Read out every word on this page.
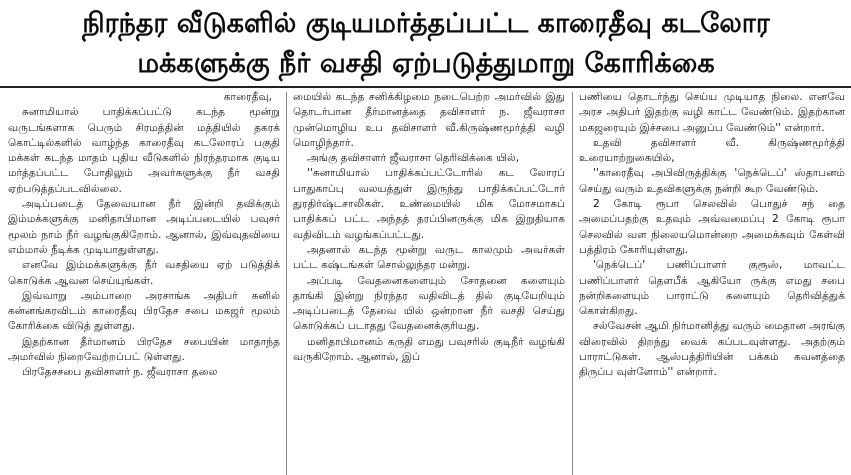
நிரந்தர வீடுகளில் குடியமர்த்தப்பட்ட காரைதீவு கடலோர
மக்களுக்கு நீர் வசதி ஏற்படுத்துமாறு கோரிக்கை

காரைதீவு,

சுனாமியால் பாதிக்கப்பட்டு கடந்த மூன்று வருடங்களாக பெரும் சிரமத்தின் மத்தியில் தகரக் கொட்டில்களில் வாழ்ந்த காரைதீவு கடலோரப் பகுதி மக்கள் கடந்த மாதம் புதிய வீடுகளில் நிரந்தரமாக குடிய மர்த்தப்பட்ட போதிலும் அவர்களுக்கு நீர் வசதி ஏற்படுத்தப்படவில்லை.

அடிப்படைத் தேவையான நீர் இன்றி தவிக்கும் இம்மக்களுக்கு மனிதாபிமான அடிப்படையில் பவுசர் மூலம் நாம் நீர் வழங்குகிறோம். ஆனால், இவ்வுதவியை எம்மால் நீடிக்க முடியாதுள்ளது.

எனவே இம்மக்களுக்கு நீர் வசதியை ஏற் படுத்திக் கொடுக்க ஆவன செய்யுங்கள்.

இவ்வாறு அம்பாறை அரசாங்க அதிபர் சுனில் கன்னங்கரவிடம் காரைதீவு பிரதேச சபை மகஜர் மூலம் கோரிக்கை விடுத் துள்ளது.

இதற்கான தீர்மானம் பிரதேச சபையின் மாதாந்த அமர்வில் நிறைவேற்றப்பட் டுள்ளது.

பிரதேசசபை தவிசாளர் ந. ஜீவராசா தலை

மையில் கடந்த சனிக்கிழமை நடைபெற்ற அமர்வில் இது தொடர்பான தீர்மானத்தை தவிசாளர் ந. ஜீவராசா முன்மொழிய உப தவிசாளர் வீ.கிருஷ்ணமூர்த்தி வழி மொழிந்தார்.

அங்கு தவிசாளர் ஜீவராசா தெரிவிக்கை யில்,

''சுனாமியால் பாதிக்கப்பட்டோரில் கட லோரப் பாதுகாப்பு வலயத்துள் இருந்து பாதிக்கப்பட்டோர் துரதிர்ஷ்டசாலிகள். உண்மையில் மிக மோசமாகப் பாதிக்கப் பட்ட அந்தத் தரப்பினருக்கு மிக இறுதியாக வதிவிடம் வழங்கப்பட்டது.

அதனால் கடந்த மூன்று வருட காலமும் அவர்கள் பட்ட கஷ்டங்கள் சொல்லுந்தர மன்று.

அப்படி வேதனைகளையும் சோதனை களையும் தாங்கி இன்று நிரந்தர வதிவிடத் தில் குடியேறியும் அடிப்படைத் தேவை யில் ஒன்றான நீர் வசதி செய்து கொடுக்கப் படாதது வேதனைக்குரியது.

மனிதாபிமானம் கருதி எமது பவுசரில் குடிநீர் வழங்கி வருகிறோம். ஆனால், இப்

பணியை தொடர்ந்து செய்ய முடியாத நிலை. எனவே அரச அதிபர் இதற்கு வழி காட்ட வேண்டும். இதற்கான மகஜரையும் இச்சபை அனுப்ப வேண்டும்'' என்றார்.

உதவி தவிசாளர் வீ. கிருஷ்ணமூர்த்தி உரையாற்றுகையில்,

''காரைதீவு அபிவிருத்திக்கு 'நெக்டெப்' ஸ்தாபனம் செய்து வரும் உதவிகளுக்கு நன்றி கூற வேண்டும்.

2 கோடி ரூபா செலவில் பொதுச் சந் தை அமைப்பதற்கு உதவும் அவ்வமைப்பு 2 கோடி ரூபா செலவில் வள நிலையமொன்றை அமைக்கவும் கேள்வி பத்திரம் கோரியுள்ளது.

'நெக்டெப்' பணிப்பாளர் குரூஸ், மாவட்ட பணிப்பாளர் தௌபீக் ஆகியோ ருக்கு எமது சபை நன்றிகளையும் பாராட்டு களையும் தெரிவித்துக் கொள்கிறது.

சல்வேசன் ஆமி நிர்மானித்து வரும் மைதான அரங்கு விரைவில் திறந்து வைக் கப்படவுள்ளது. அதற்கும் பாராட்டுகள். ஆஸ்பத்திரியின் பக்கம் கவனத்தை திருப்ப வுள்ளோம்'' என்றார்.
